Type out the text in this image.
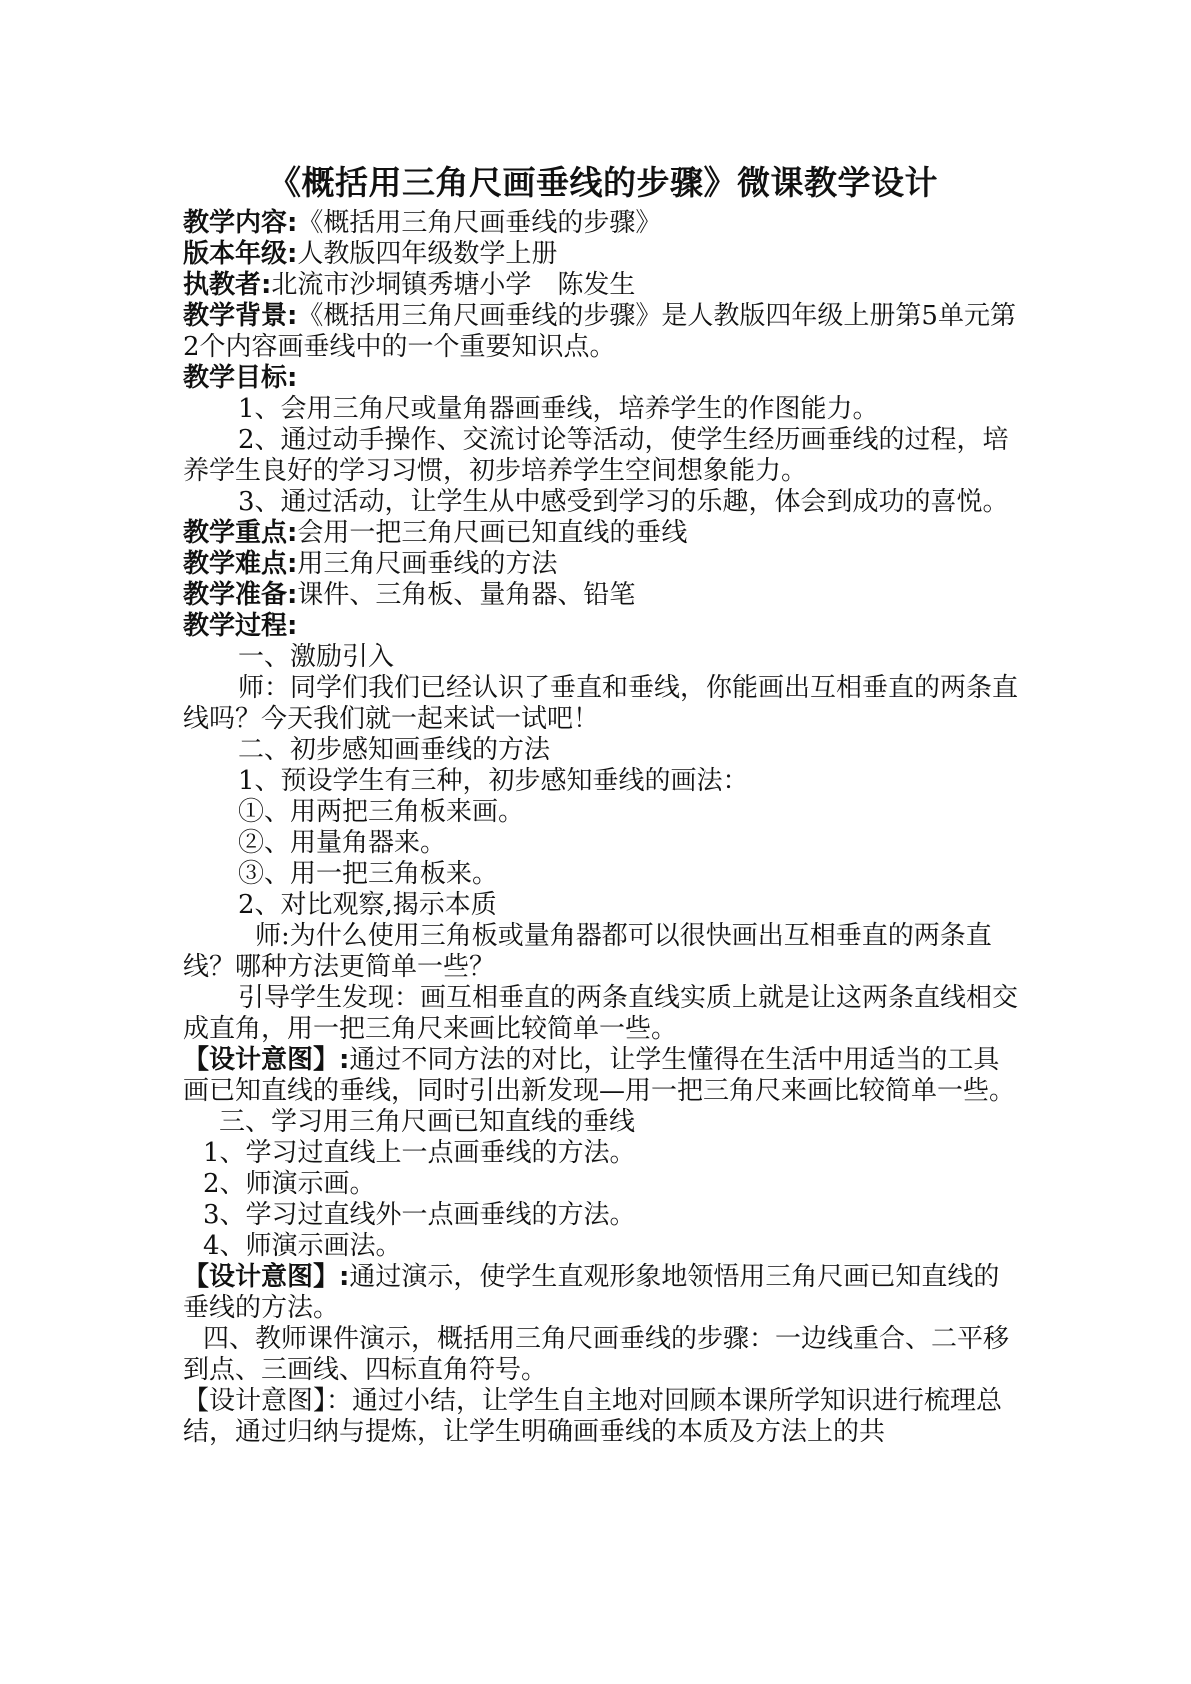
《概括用三角尺画垂线的步骤》微课教学设计

教学内容:《概括用三角尺画垂线的步骤》

版本年级:人教版四年级数学上册

执教者:北流市沙垌镇秀塘小学　陈发生

教学背景:《概括用三角尺画垂线的步骤》是人教版四年级上册第5单元第2个内容画垂线中的一个重要知识点。

教学目标:

1、会用三角尺或量角器画垂线，培养学生的作图能力。

2、通过动手操作、交流讨论等活动，使学生经历画垂线的过程，培养学生良好的学习习惯，初步培养学生空间想象能力。

3、通过活动，让学生从中感受到学习的乐趣，体会到成功的喜悦。

教学重点:会用一把三角尺画已知直线的垂线

教学难点:用三角尺画垂线的方法

教学准备:课件、三角板、量角器、铅笔

教学过程:

一、激励引入

师：同学们我们已经认识了垂直和垂线，你能画出互相垂直的两条直线吗？今天我们就一起来试一试吧！

二、初步感知画垂线的方法

1、预设学生有三种，初步感知垂线的画法：

①、用两把三角板来画。

②、用量角器来。

③、用一把三角板来。

2、对比观察,揭示本质

师:为什么使用三角板或量角器都可以很快画出互相垂直的两条直线？哪种方法更简单一些？

引导学生发现：画互相垂直的两条直线实质上就是让这两条直线相交成直角，用一把三角尺来画比较简单一些。

【设计意图】:通过不同方法的对比，让学生懂得在生活中用适当的工具画已知直线的垂线，同时引出新发现—用一把三角尺来画比较简单一些。

三、学习用三角尺画已知直线的垂线

1、学习过直线上一点画垂线的方法。

2、师演示画。

3、学习过直线外一点画垂线的方法。

4、师演示画法。

【设计意图】:通过演示，使学生直观形象地领悟用三角尺画已知直线的垂线的方法。

四、教师课件演示，概括用三角尺画垂线的步骤：一边线重合、二平移到点、三画线、四标直角符号。

【设计意图】：通过小结，让学生自主地对回顾本课所学知识进行梳理总结，通过归纳与提炼，让学生明确画垂线的本质及方法上的共
